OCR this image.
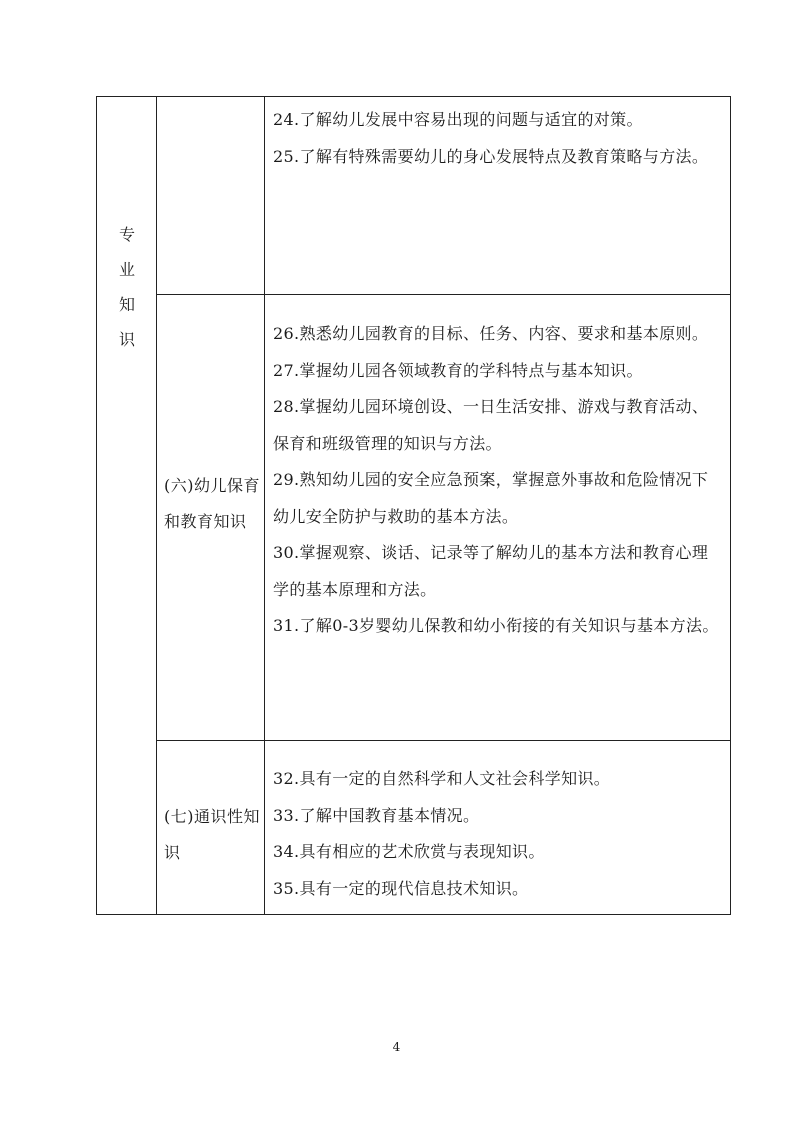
专
业
知
识

24.了解幼儿发展中容易出现的问题与适宜的对策。

25.了解有特殊需要幼儿的身心发展特点及教育策略与方法。

(六)幼儿保育和教育知识

26.熟悉幼儿园教育的目标、任务、内容、要求和基本原则。

27.掌握幼儿园各领域教育的学科特点与基本知识。

28.掌握幼儿园环境创设、一日生活安排、游戏与教育活动、保育和班级管理的知识与方法。

29.熟知幼儿园的安全应急预案，掌握意外事故和危险情况下幼儿安全防护与救助的基本方法。

30.掌握观察、谈话、记录等了解幼儿的基本方法和教育心理学的基本原理和方法。

31.了解0-3岁婴幼儿保教和幼小衔接的有关知识与基本方法。

(七)通识性知识

32.具有一定的自然科学和人文社会科学知识。

33.了解中国教育基本情况。

34.具有相应的艺术欣赏与表现知识。

35.具有一定的现代信息技术知识。

4
